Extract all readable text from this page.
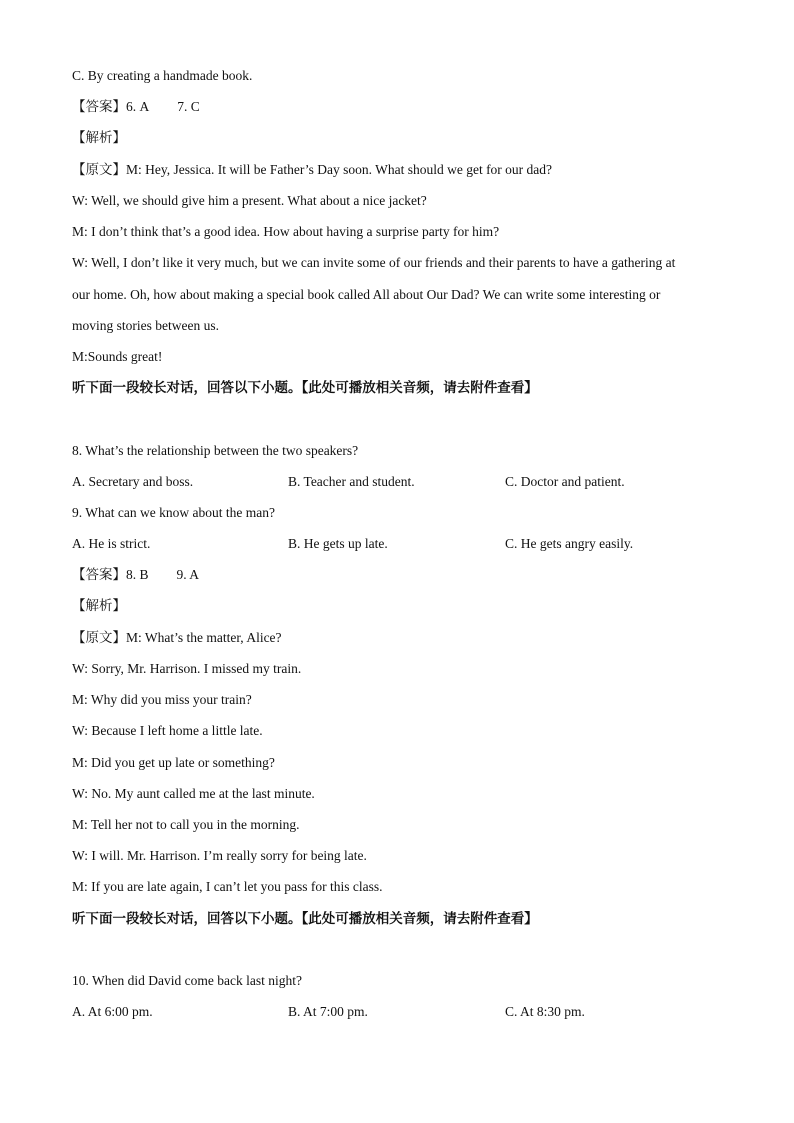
C. By creating a handmade book.
【答案】6. A 7. C
【解析】
【原文】M: Hey, Jessica. It will be Father’s Day soon. What should we get for our dad?
W: Well, we should give him a present. What about a nice jacket?
M: I don’t think that’s a good idea. How about having a surprise party for him?
W: Well, I don’t like it very much, but we can invite some of our friends and their parents to have a gathering at
our home. Oh, how about making a special book called All about Our Dad? We can write some interesting or
moving stories between us.
M:Sounds great!
听下面一段较长对话，回答以下小题。【此处可播放相关音频，请去附件查看】
8. What’s the relationship between the two speakers?
A. Secretary and boss.	B. Teacher and student.	C. Doctor and patient.
9. What can we know about the man?
A. He is strict.	B. He gets up late.	C. He gets angry easily.
【答案】8. B 9. A
【解析】
【原文】M: What’s the matter, Alice?
W: Sorry, Mr. Harrison. I missed my train.
M: Why did you miss your train?
W: Because I left home a little late.
M: Did you get up late or something?
W: No. My aunt called me at the last minute.
M: Tell her not to call you in the morning.
W: I will. Mr. Harrison. I’m really sorry for being late.
M: If you are late again, I can’t let you pass for this class.
听下面一段较长对话，回答以下小题。【此处可播放相关音频，请去附件查看】
10. When did David come back last night?
A. At 6:00 pm.	B. At 7:00 pm.	C. At 8:30 pm.
